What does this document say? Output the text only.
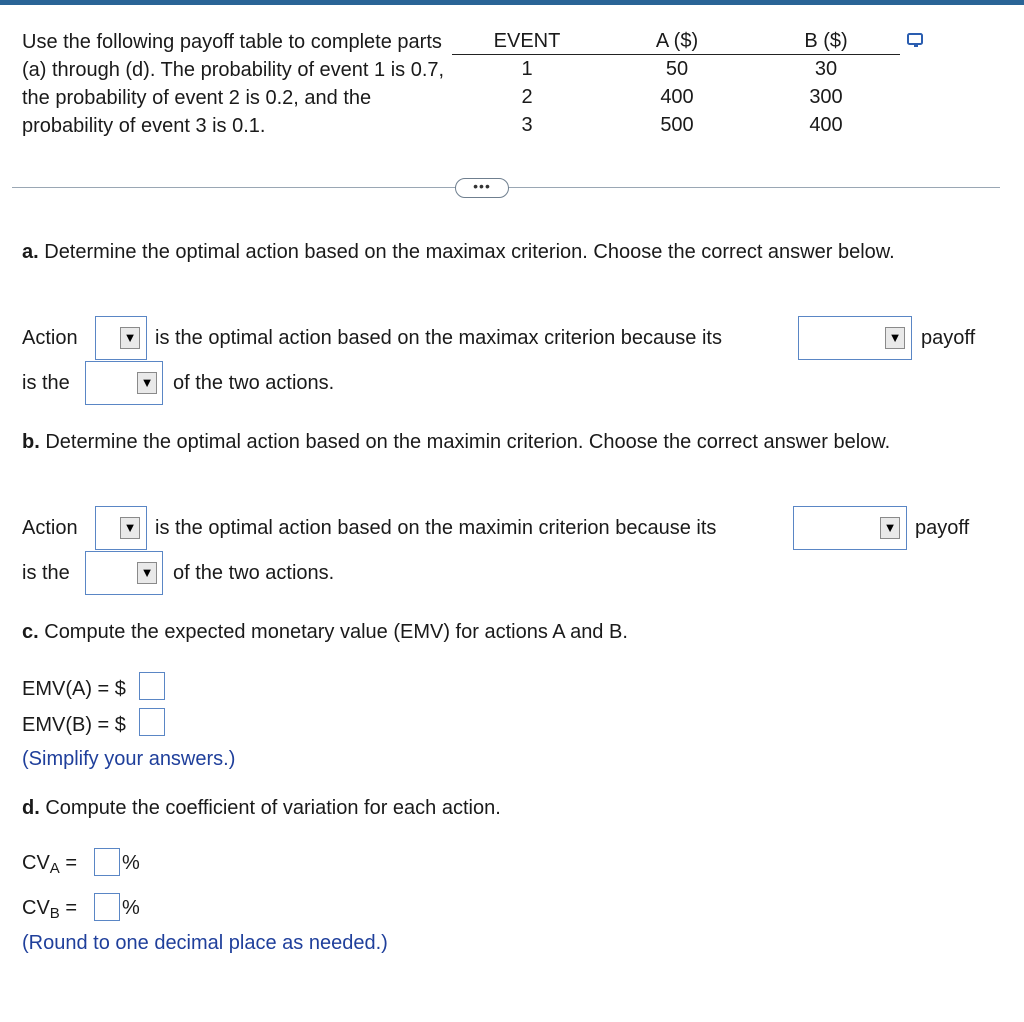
Use the following payoff table to complete parts (a) through (d). The probability of event 1 is 0.7, the probability of event 2 is 0.2, and the probability of event 3 is 0.1.
EVENT	A ($)	B ($)
1	50	30
2	400	300
3	500	400
•••
a. Determine the optimal action based on the maximax criterion. Choose the correct answer below.
Action	▼ is the optimal action based on the maximax criterion because its	▼ payoff
is the	▼ of the two actions.
b. Determine the optimal action based on the maximin criterion. Choose the correct answer below.
Action	▼ is the optimal action based on the maximin criterion because its	▼ payoff
is the	▼ of the two actions.
c. Compute the expected monetary value (EMV) for actions A and B.
EMV(A) = $
EMV(B) = $
(Simplify your answers.)
d. Compute the coefficient of variation for each action.
$CV_A$ = %
$CV_B$ = %
(Round to one decimal place as needed.)
